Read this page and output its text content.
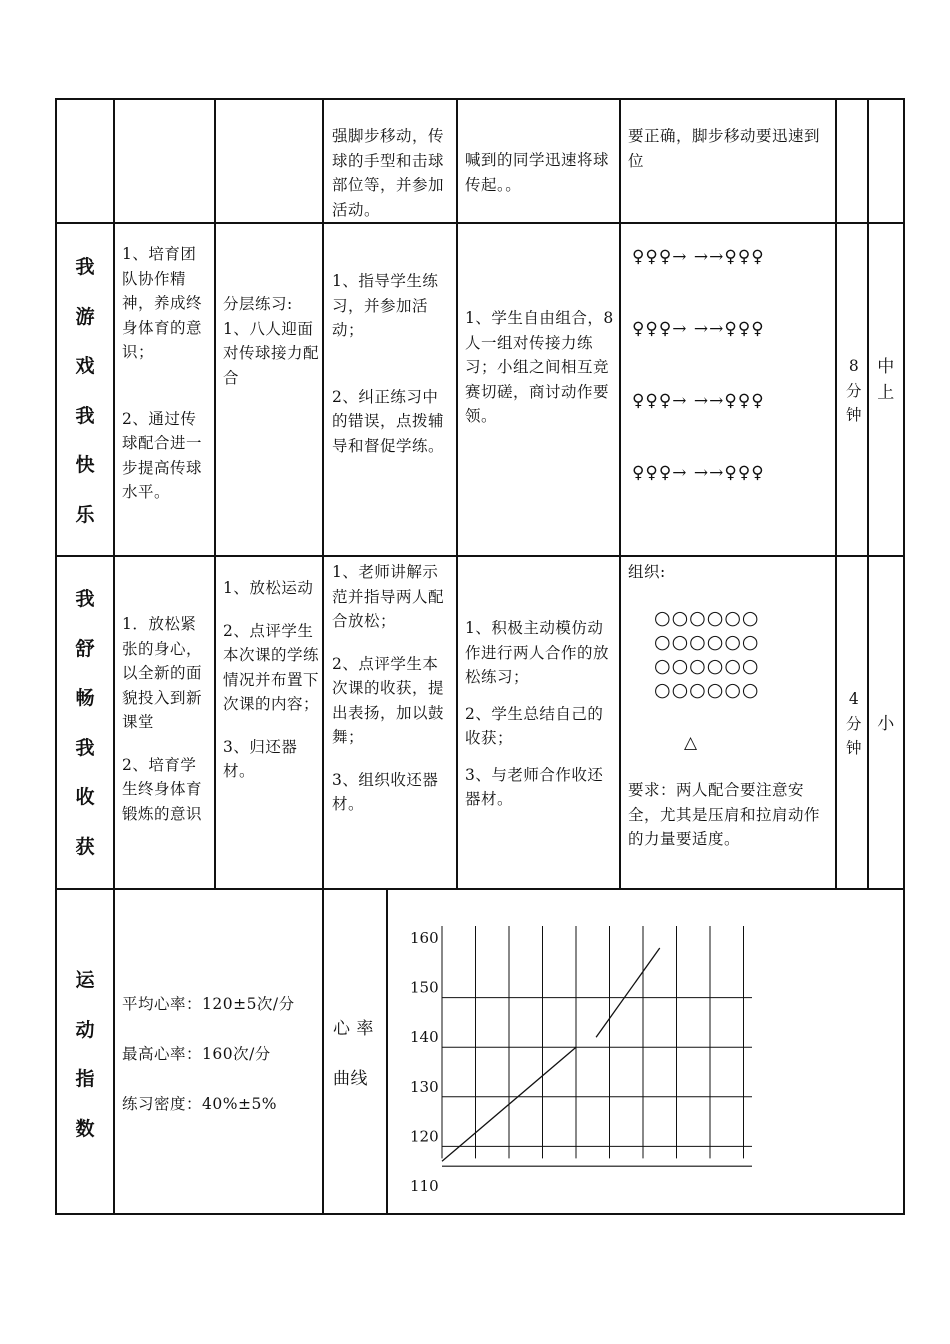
强脚步移动，传球的手型和击球部位等，并参加活动。

喊到的同学迅速将球传起。。

要正确，脚步移动要迅速到位

我
游
戏
我
快
乐

1、培育团队协作精神，养成终身体育的意识；

2、通过传球配合进一步提高传球水平。

分层练习:

1、八人迎面对传球接力配合

1、指导学生练习，并参加活动；

2、纠正练习中的错误，点拨辅导和督促学练。

1、学生自由组合，8人一组对传接力练习；小组之间相互竞赛切磋，商讨动作要领。

♀♀♀→ →→♀♀♀
♀♀♀→ →→♀♀♀
♀♀♀→ →→♀♀♀
♀♀♀→ →→♀♀♀
8
分
钟
中
上
我
舒
畅
我
收
获

1．放松紧张的身心，以全新的面貌投入到新课堂

2、培育学生终身体育锻炼的意识

1、放松运动

2、点评学生本次课的学练情况并布置下次课的内容；

3、归还器材。

1、老师讲解示范并指导两人配合放松；

2、点评学生本次课的收获，提出表扬，加以鼓舞；

3、组织收还器材。

1、积极主动模仿动作进行两人合作的放松练习；

2、学生总结自己的收获；

3、与老师合作收还器材。

组织:
○○○○○○
○○○○○○
○○○○○○
○○○○○○
△

要求：两人配合要注意安全，尤其是压肩和拉肩动作的力量要适度。

4
分
钟
小
运
动
指
数
平均心率：120±5次/分
最高心率：160次/分
练习密度：40%±5%
心 率
曲线
160
150
140
130
120
110
